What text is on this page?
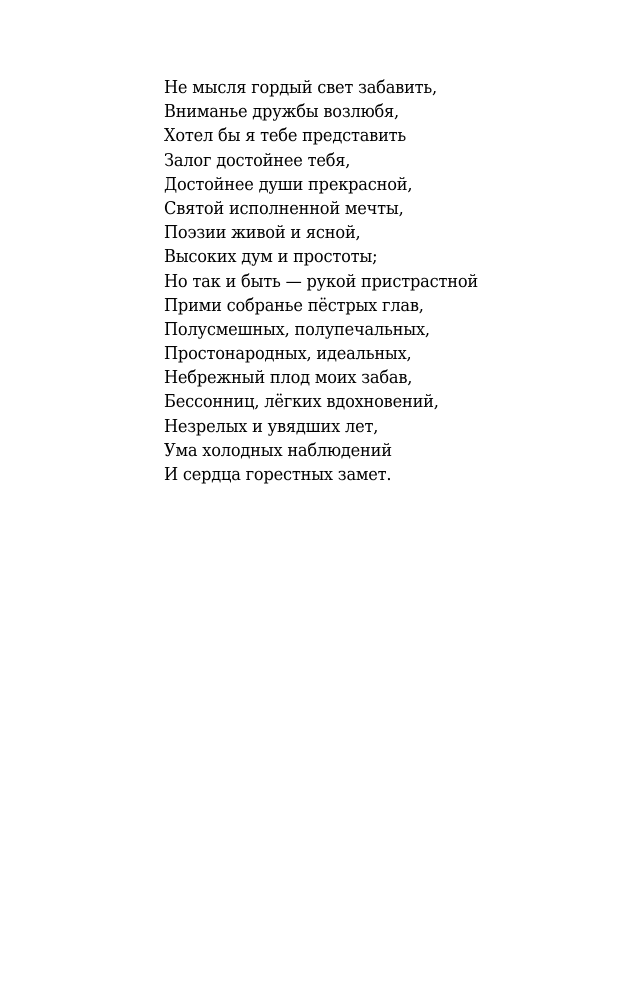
Не мысля гордый свет забавить,
Вниманье дружбы возлюбя,
Хотел бы я тебе представить
Залог достойнее тебя,
Достойнее души прекрасной,
Святой исполненной мечты,
Поэзии живой и ясной,
Высоких дум и простоты;
Но так и быть — рукой пристрастной
Прими собранье пёстрых глав,
Полусмешных, полупечальных,
Простонародных, идеальных,
Небрежный плод моих забав,
Бессонниц, лёгких вдохновений,
Незрелых и увядших лет,
Ума холодных наблюдений
И сердца горестных замет.
